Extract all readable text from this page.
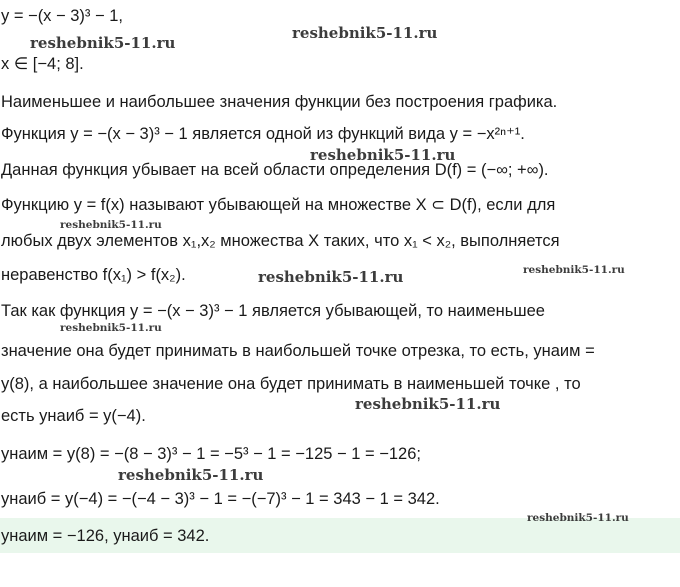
y = −(x − 3)³ − 1,
x ∈ [−4; 8].
Наименьшее и наибольшее значения функции без построения графика.
Функция y = −(x − 3)³ − 1 является одной из функций вида y = −x²ⁿ⁺¹.
Данная функция убывает на всей области определения D(f) = (−∞; +∞).
Функцию y = f(x) называют убывающей на множестве X ⊂ D(f), если для
любых двух элементов x₁,x₂ множества X таких, что x₁ < x₂, выполняется
неравенство f(x₁) > f(x₂).
Так как функция y = −(x − 3)³ − 1 является убывающей, то наименьшее
значение она будет принимать в наибольшей точке отрезка, то есть, yнаим =
y(8), а наибольшее значение она будет принимать в наименьшей точке , то
есть yнаиб = y(−4).
yнаим = y(8) = −(8 − 3)³ − 1 = −5³ − 1 = −125 − 1 = −126;
yнаиб = y(−4) = −(−4 − 3)³ − 1 = −(−7)³ − 1 = 343 − 1 = 342.
yнаим = −126, yнаиб = 342.
reshebnik5-11.ru
reshebnik5-11.ru
reshebnik5-11.ru
reshebnik5-11.ru
reshebnik5-11.ru	reshebnik5-11.ru
reshebnik5-11.ru
reshebnik5-11.ru
reshebnik5-11.ru
reshebnik5-11.ru
